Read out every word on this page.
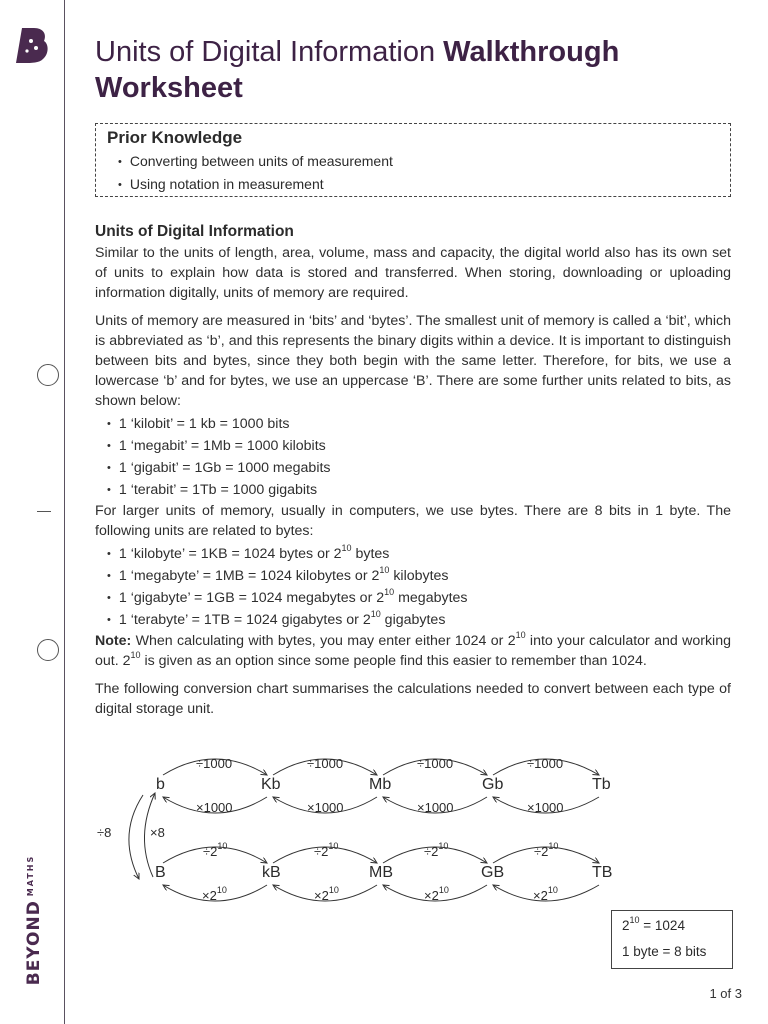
$BEYOND^{MATHS}$
Units of Digital Information Walkthrough
Worksheet
Prior Knowledge
• Converting between units of measurement
• Using notation in measurement
Units of Digital Information

Similar to the units of length, area, volume, mass and capacity, the digital world also has its own set of units to explain how data is stored and transferred. When storing, downloading or uploading information digitally, units of memory are required.

Units of memory are measured in ‘bits’ and ‘bytes’. The smallest unit of memory is called a ‘bit’, which is abbreviated as ‘b’, and this represents the binary digits within a device. It is important to distinguish between bits and bytes, since they both begin with the same letter. Therefore, for bits, we use a lowercase ‘b’ and for bytes, we use an uppercase ‘B’. There are some further units related to bits, as shown below:

• 1 ‘kilobit’ = 1 kb = 1000 bits
• 1 ‘megabit’ = 1Mb = 1000 kilobits
• 1 ‘gigabit’ = 1Gb = 1000 megabits
• 1 ‘terabit’ = 1Tb = 1000 gigabits

For larger units of memory, usually in computers, we use bytes. There are 8 bits in 1 byte. The following units are related to bytes:

• 1 ‘kilobyte’ = 1KB = 1024 bytes or $2^{10}$ bytes
• 1 ‘megabyte’ = 1MB = 1024 kilobytes or $2^{10}$ kilobytes
• 1 ‘gigabyte’ = 1GB = 1024 megabytes or $2^{10}$ megabytes
• 1 ‘terabyte’ = 1TB = 1024 gigabytes or $2^{10}$ gigabytes

Note: When calculating with bytes, you may enter either 1024 or $2^{10}$ into your calculator and working out. $2^{10}$ is given as an option since some people find this easier to remember than 1024.

The following conversion chart summarises the calculations needed to convert between each type of digital storage unit.

b	Kb	Mb	Gb	Tb
B	kB	MB	GB	TB
÷1000	÷1000	÷1000	÷1000
×1000	×1000	×1000	×1000
$\div 2^{10}$	$\div 2^{10}$	$\div 2^{10}$	$\div 2^{10}$
$\times 2^{10}$	$\times 2^{10}$	$\times 2^{10}$	$\times 2^{10}$
÷8	×8
$2^{10} = 1024$
1 byte = 8 bits
1 of 3
